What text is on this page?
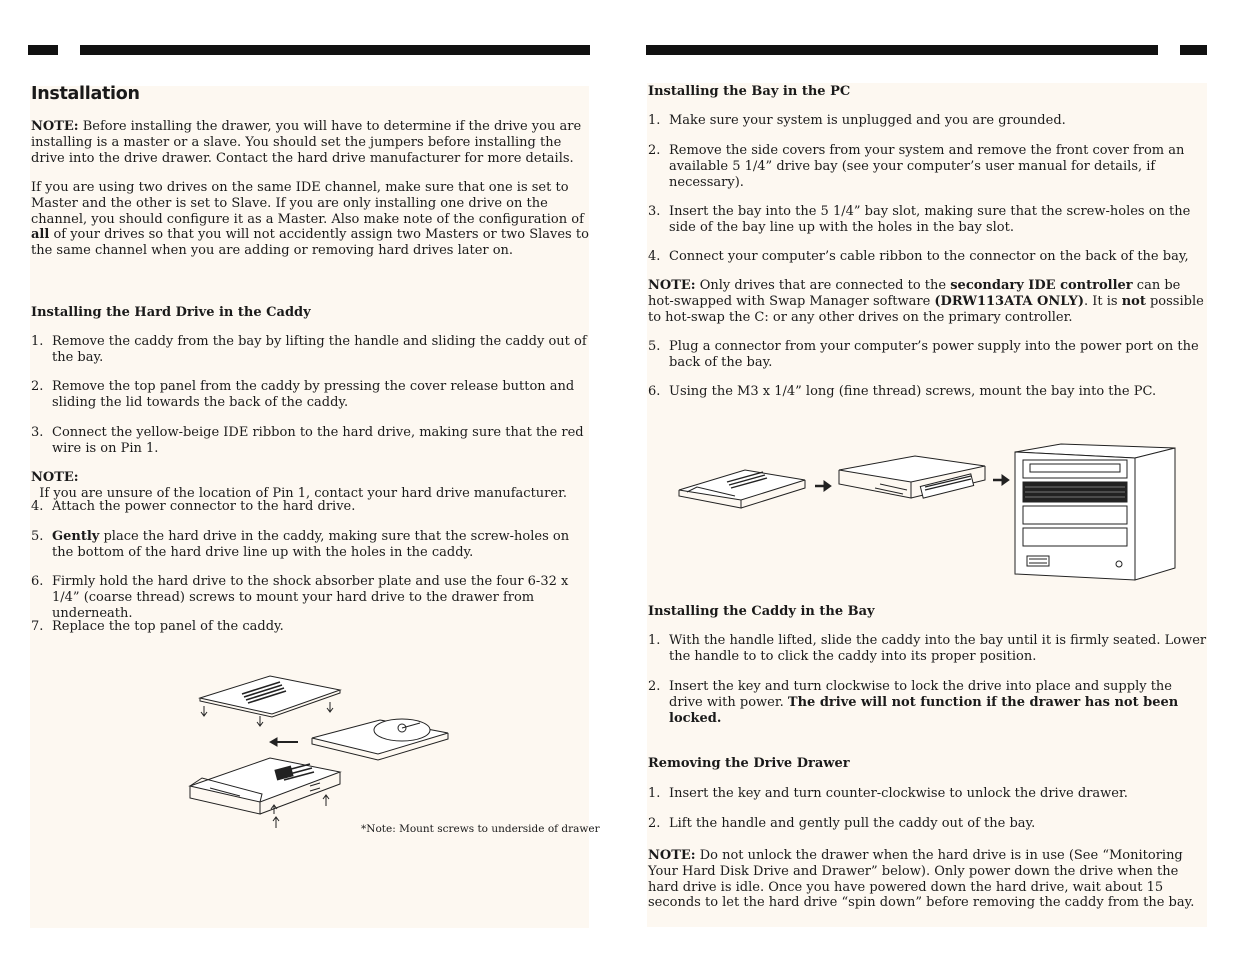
Installation

NOTE: Before installing the drawer, you will have to determine if the drive you are installing is a master or a slave. You should set the jumpers before installing the drive into the drive drawer. Contact the hard drive manufacturer for more details.

If you are using two drives on the same IDE channel, make sure that one is set to Master and the other is set to Slave. If you are only installing one drive on the channel, you should configure it as a Master. Also make note of the configuration of all of your drives so that you will not accidently assign two Masters or two Slaves to the same channel when you are adding or removing hard drives later on.

Installing the Hard Drive in the Caddy
1. Remove the caddy from the bay by lifting the handle and sliding the caddy out of the bay.
2. Remove the top panel from the caddy by pressing the cover release button and sliding the lid towards the back of the caddy.
3. Connect the yellow-beige IDE ribbon to the hard drive, making sure that the red wire is on Pin 1.

NOTE:  If you are unsure of the location of Pin 1, contact your hard drive manufacturer.

4. Attach the power connector to the hard drive.
5. Gently place the hard drive in the caddy, making sure that the screw-holes on the bottom of the hard drive line up with the holes in the caddy.
6. Firmly hold the hard drive to the shock absorber plate and use the four 6-32 x 1/4” (coarse thread) screws to mount your hard drive to the drawer from underneath.
7. Replace the top panel of the caddy.
*Note: Mount screws to underside of drawer
Installing the Bay in the PC
1. Make sure your system is unplugged and you are grounded.
2. Remove the side covers from your system and remove the front cover from an available 5 1/4” drive bay (see your computer’s user manual for details, if necessary).
3. Insert the bay into the 5 1/4” bay slot, making sure that the screw-holes on the side of the bay line up with the holes in the bay slot.
4. Connect your computer’s cable ribbon to the connector on the back of the bay,

NOTE: Only drives that are connected to the secondary IDE controller can be hot-swapped with Swap Manager software (DRW113ATA ONLY). It is not possible to hot-swap the C: or any other drives on the primary controller.

5. Plug a connector from your computer’s power supply into the power port on the back of the bay.
6. Using the M3 x 1/4” long (fine thread) screws, mount the bay into the PC.
Installing the Caddy in the Bay
1. With the handle lifted, slide the caddy into the bay until it is firmly seated. Lower the handle to to click the caddy into its proper position.
2. Insert the key and turn clockwise to lock the drive into place and supply the drive with power. The drive will not function if the drawer has not been locked.
Removing the Drive Drawer
1. Insert the key and turn counter-clockwise to unlock the drive drawer.
2. Lift the handle and gently pull the caddy out of the bay.

NOTE: Do not unlock the drawer when the hard drive is in use (See “Monitoring Your Hard Disk Drive and Drawer” below). Only power down the drive when the hard drive is idle. Once you have powered down the hard drive, wait about 15 seconds to let the hard drive “spin down” before removing the caddy from the bay.
